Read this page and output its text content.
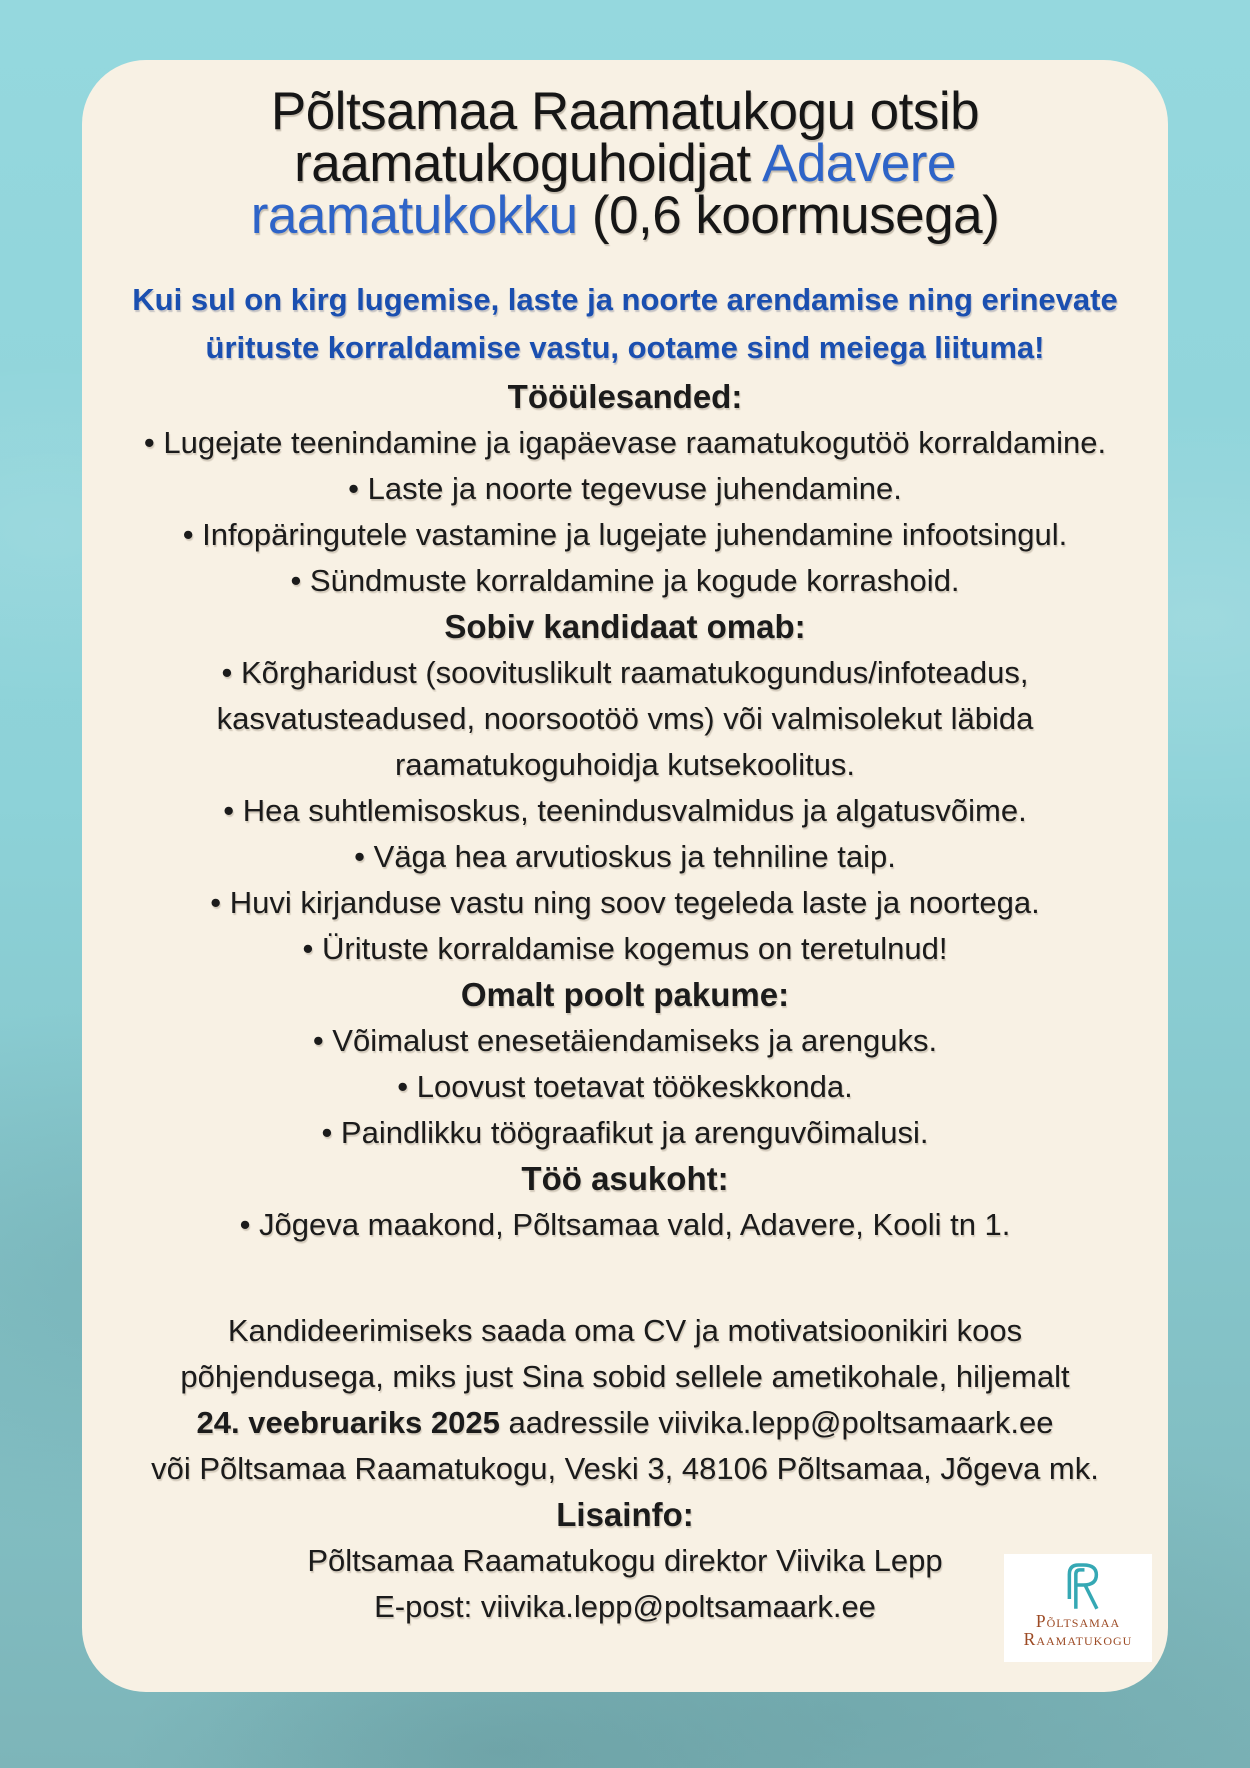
Põltsamaa Raamatukogu otsib
raamatukoguhoidjat Adavere
raamatukokku (0,6 koormusega)
Kui sul on kirg lugemise, laste ja noorte arendamise ning erinevate
ürituste korraldamise vastu, ootame sind meiega liituma!
Tööülesanded:
• Lugejate teenindamine ja igapäevase raamatukogutöö korraldamine.
• Laste ja noorte tegevuse juhendamine.
• Infopäringutele vastamine ja lugejate juhendamine infootsingul.
• Sündmuste korraldamine ja kogude korrashoid.
Sobiv kandidaat omab:
• Kõrgharidust (soovituslikult raamatukogundus/infoteadus,
kasvatusteadused, noorsootöö vms) või valmisolekut läbida
raamatukoguhoidja kutsekoolitus.
• Hea suhtlemisoskus, teenindusvalmidus ja algatusvõime.
• Väga hea arvutioskus ja tehniline taip.
• Huvi kirjanduse vastu ning soov tegeleda laste ja noortega.
• Ürituste korraldamise kogemus on teretulnud!
Omalt poolt pakume:
• Võimalust enesetäiendamiseks ja arenguks.
• Loovust toetavat töökeskkonda.
• Paindlikku töögraafikut ja arenguvõimalusi.
Töö asukoht:
• Jõgeva maakond, Põltsamaa vald, Adavere, Kooli tn 1.
Kandideerimiseks saada oma CV ja motivatsioonikiri koos
põhjendusega, miks just Sina sobid sellele ametikohale, hiljemalt
24. veebruariks 2025 aadressile viivika.lepp@poltsamaark.ee
või Põltsamaa Raamatukogu, Veski 3, 48106 Põltsamaa, Jõgeva mk.
Lisainfo:
Põltsamaa Raamatukogu direktor Viivika Lepp
E-post: viivika.lepp@poltsamaark.ee	Põltsamaa
Raamatukogu
